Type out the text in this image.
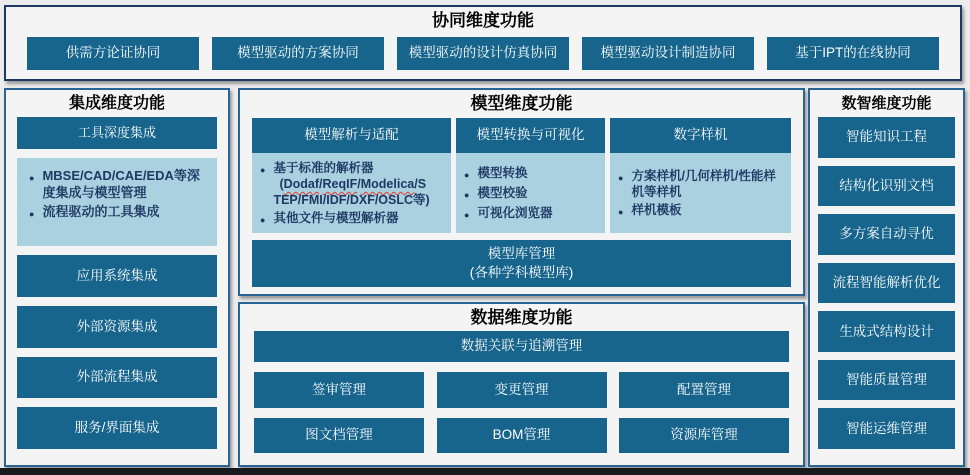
协同维度功能
供需方论证协同	模型驱动的方案协同	模型驱动的设计仿真协同	模型驱动设计制造协同	基于IPT的在线协同
集成维度功能
工具深度集成
●
MBSE/CAD/CAE/EDA等深度集成与模型管理
●
流程驱动的工具集成
应用系统集成
外部资源集成
外部流程集成
服务/界面集成
模型维度功能
模型解析与适配
●
基于标准的解析器
(Dodaf/ReqIF/Modelica/S
TEP/FMI/IDF/DXF/OSLC等)
●
其他文件与模型解析器
模型转换与可视化
●
模型转换
●
模型校验
●
可视化浏览器
数字样机
●
方案样机/几何样机/性能样机等样机
●
样机模板
模型库管理
(各种学科模型库)
数据维度功能
数据关联与追溯管理
签审管理	变更管理	配置管理
图文档管理	BOM管理	资源库管理
数智维度功能
智能知识工程
结构化识别文档
多方案自动寻优
流程智能解析优化
生成式结构设计
智能质量管理
智能运维管理
